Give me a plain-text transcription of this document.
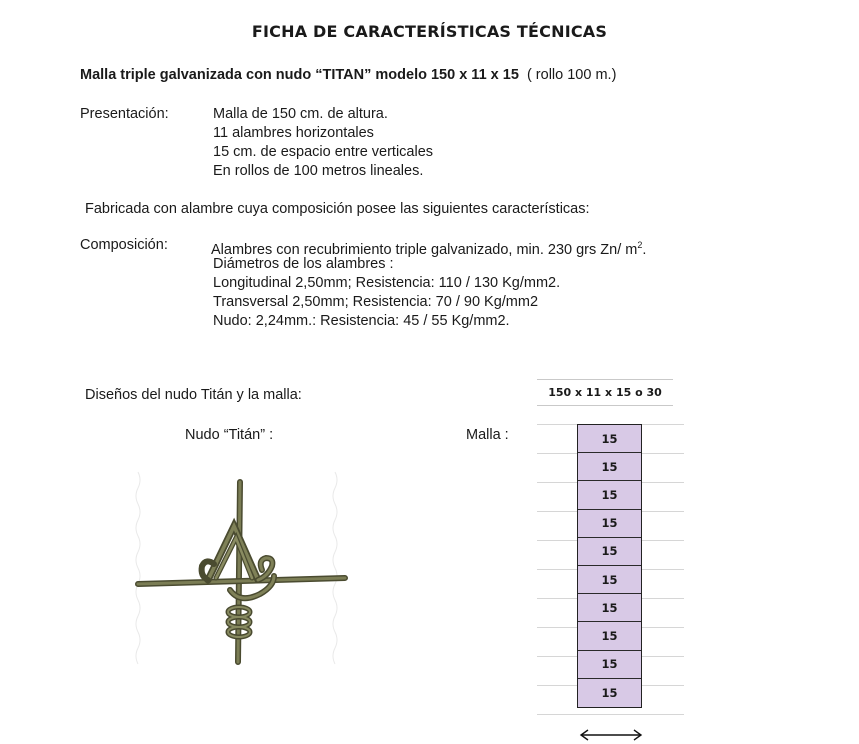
FICHA DE CARACTERÍSTICAS TÉCNICAS
Malla triple galvanizada con nudo “TITAN” modelo 150 x 11 x 15 ( rollo 100 m.)
Presentación:	Malla de 150 cm. de altura.
11 alambres horizontales
15 cm. de espacio entre verticales
En rollos de 100 metros lineales.
Fabricada con alambre cuya composición posee las siguientes características:
Composición:	Alambres con recubrimiento triple galvanizado, min. 230 grs Zn/ $m^2$.
Diámetros de los alambres :
Longitudinal 2,50mm; Resistencia: 110 / 130 Kg/mm2.
Transversal 2,50mm; Resistencia: 70 / 90 Kg/mm2
Nudo: 2,24mm.: Resistencia: 45 / 55 Kg/mm2.
Diseños del nudo Titán y la malla:
Nudo “Titán” :	Malla :
150 x 11 x 15 o 30
15
15
15
15
15
15
15
15
15
15
